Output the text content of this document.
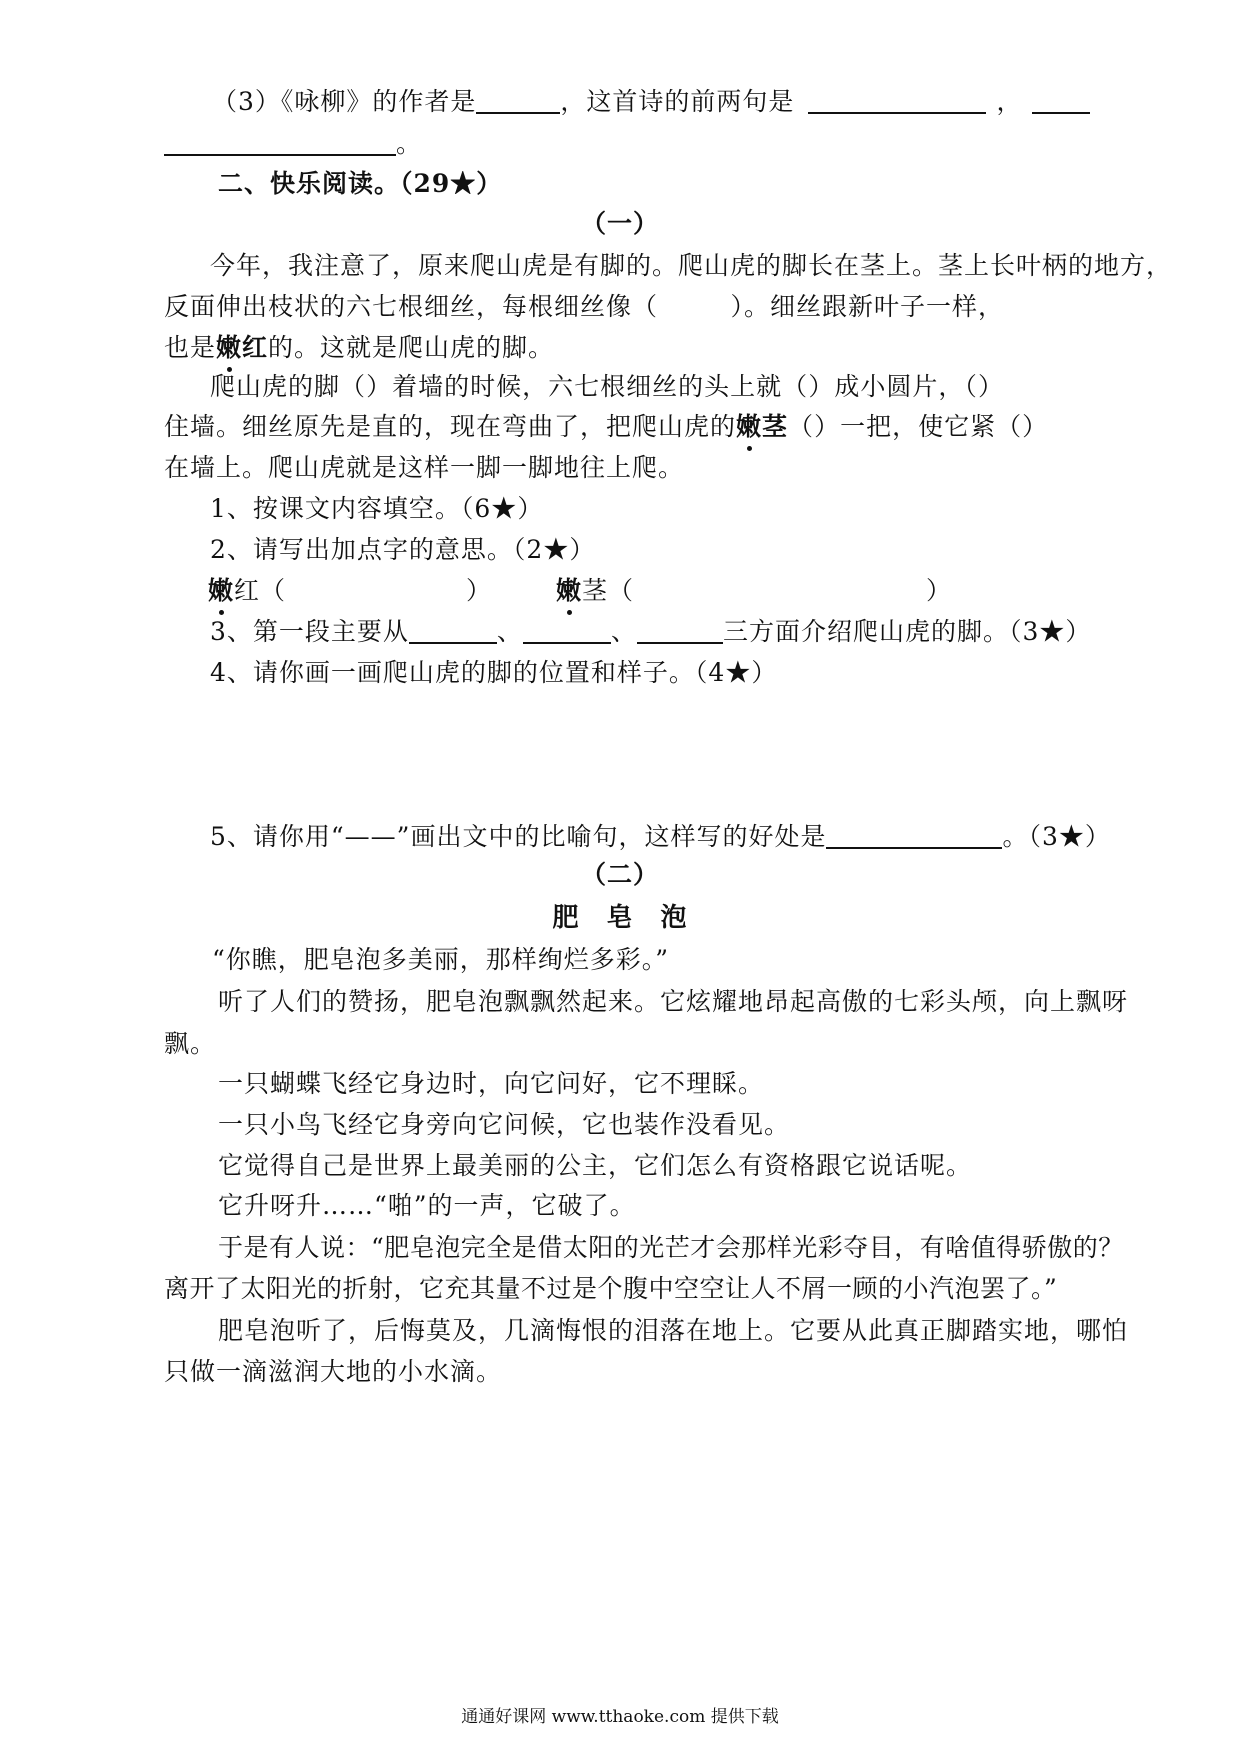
（3）《咏柳》的作者是	，这首诗的前两句是	，
。
二、快乐阅读。（29★）
（一）
今年，我注意了，原来爬山虎是有脚的。爬山虎的脚长在茎上。茎上长叶柄的地方，
反面伸出枝状的六七根细丝，每根细丝像（	）。细丝跟新叶子一样，
也是嫩红的。这就是爬山虎的脚。
爬山虎的脚（ ）着墙的时候，六七根细丝的头上就（ ）成小圆片，（ ）
住墙。细丝原先是直的，现在弯曲了，把爬山虎的嫩茎（ ）一把，使它紧（ ）
在墙上。爬山虎就是这样一脚一脚地往上爬。
1、按课文内容填空。（6★）
2、请写出加点字的意思。（2★）
嫩红（	）	嫩茎（	）
3、第一段主要从	、	、	三方面介绍爬山虎的脚。（3★）
4、请你画一画爬山虎的脚的位置和样子。（4★）
5、请你用“——”画出文中的比喻句，这样写的好处是	。（3★）
（二）
肥　皂　泡
“你瞧，肥皂泡多美丽，那样绚烂多彩。”
听了人们的赞扬，肥皂泡飘飘然起来。它炫耀地昂起高傲的七彩头颅，向上飘呀
飘。
一只蝴蝶飞经它身边时，向它问好，它不理睬。
一只小鸟飞经它身旁向它问候，它也装作没看见。
它觉得自己是世界上最美丽的公主，它们怎么有资格跟它说话呢。
它升呀升……“啪”的一声，它破了。
于是有人说：“肥皂泡完全是借太阳的光芒才会那样光彩夺目，有啥值得骄傲的？
离开了太阳光的折射，它充其量不过是个腹中空空让人不屑一顾的小汽泡罢了。”
肥皂泡听了，后悔莫及，几滴悔恨的泪落在地上。它要从此真正脚踏实地，哪怕
只做一滴滋润大地的小水滴。
通通好课网 www.tthaoke.com 提供下载
